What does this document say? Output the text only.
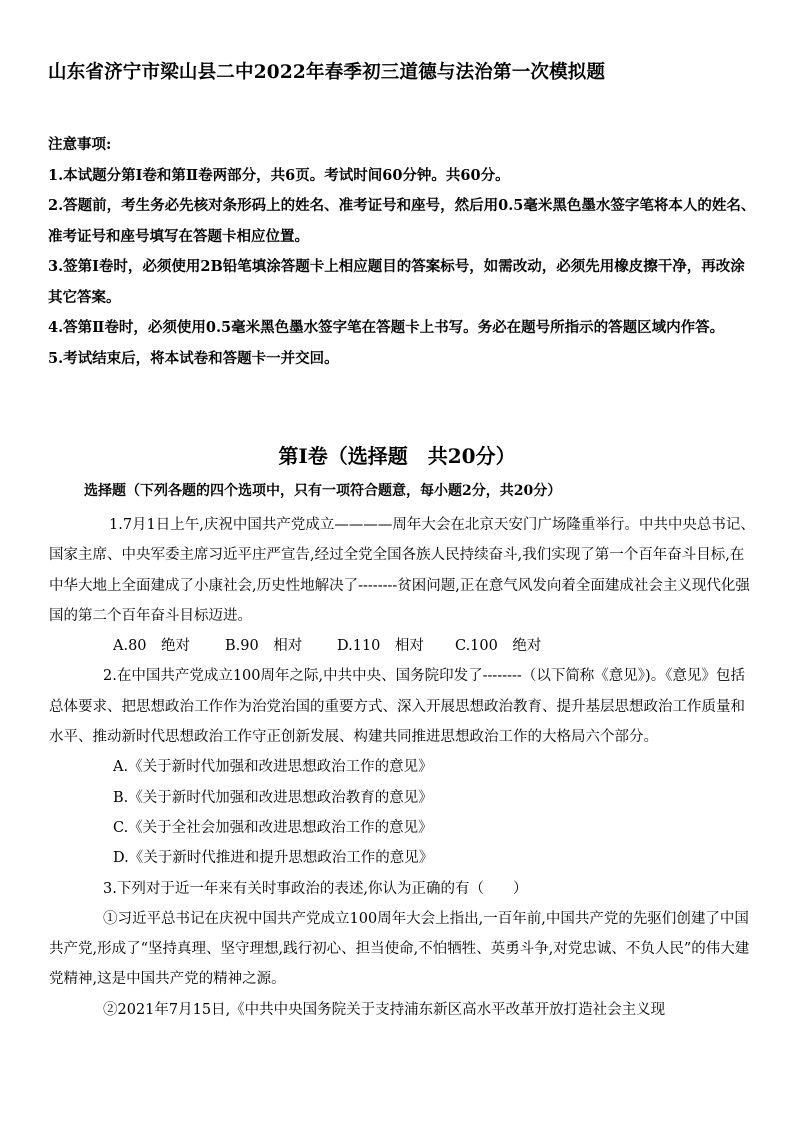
山东省济宁市梁山县二中2022年春季初三道德与法治第一次模拟题

注意事项:

1.本试题分第Ⅰ卷和第Ⅱ卷两部分，共6页。考试时间60分钟。共60分。

2.答题前，考生务必先核对条形码上的姓名、准考证号和座号，然后用0.5毫米黑色墨水签字笔将本人的姓名、准考证号和座号填写在答题卡相应位置。

3.签第Ⅰ卷时，必须使用2B铅笔填涂答题卡上相应题目的答案标号，如需改动，必须先用橡皮擦干净，再改涂其它答案。

4.答第Ⅱ卷时，必须使用0.5毫米黑色墨水签字笔在答题卡上书写。务必在题号所指示的答题区域内作答。

5.考试结束后，将本试卷和答题卡一并交回。

第Ⅰ卷（选择题　共20分）
选择题（下列各题的四个选项中，只有一项符合题意，每小题2分，共20分）

1.7月1日上午,庆祝中国共产党成立————周年大会在北京天安门广场隆重举行。中共中央总书记、国家主席、中央军委主席习近平庄严宣告,经过全党全国各族人民持续奋斗,我们实现了第一个百年奋斗目标,在中华大地上全面建成了小康社会,历史性地解决了--------贫困问题,正在意气风发向着全面建成社会主义现代化强国的第二个百年奋斗目标迈进。

A.80　绝对 B.90　相对 D.110　相对 C.100　绝对

2.在中国共产党成立100周年之际,中共中央、国务院印发了--------（以下简称《意见》)。《意见》包括总体要求、把思想政治工作作为治党治国的重要方式、深入开展思想政治教育、提升基层思想政治工作质量和水平、推动新时代思想政治工作守正创新发展、构建共同推进思想政治工作的大格局六个部分。

A.《关于新时代加强和改进思想政治工作的意见》

B.《关于新时代加强和改进思想政治教育的意见》

C.《关于全社会加强和改进思想政治工作的意见》

D.《关于新时代推进和提升思想政治工作的意见》

3.下列对于近一年来有关时事政治的表述,你认为正确的有（　　）

①习近平总书记在庆祝中国共产党成立100周年大会上指出,一百年前,中国共产党的先驱们创建了中国共产党,形成了“坚持真理、坚守理想,践行初心、担当使命,不怕牺牲、英勇斗争,对党忠诚、不负人民”的伟大建党精神,这是中国共产党的精神之源。

②2021年7月15日,《中共中央国务院关于支持浦东新区高水平改革开放打造社会主义现
